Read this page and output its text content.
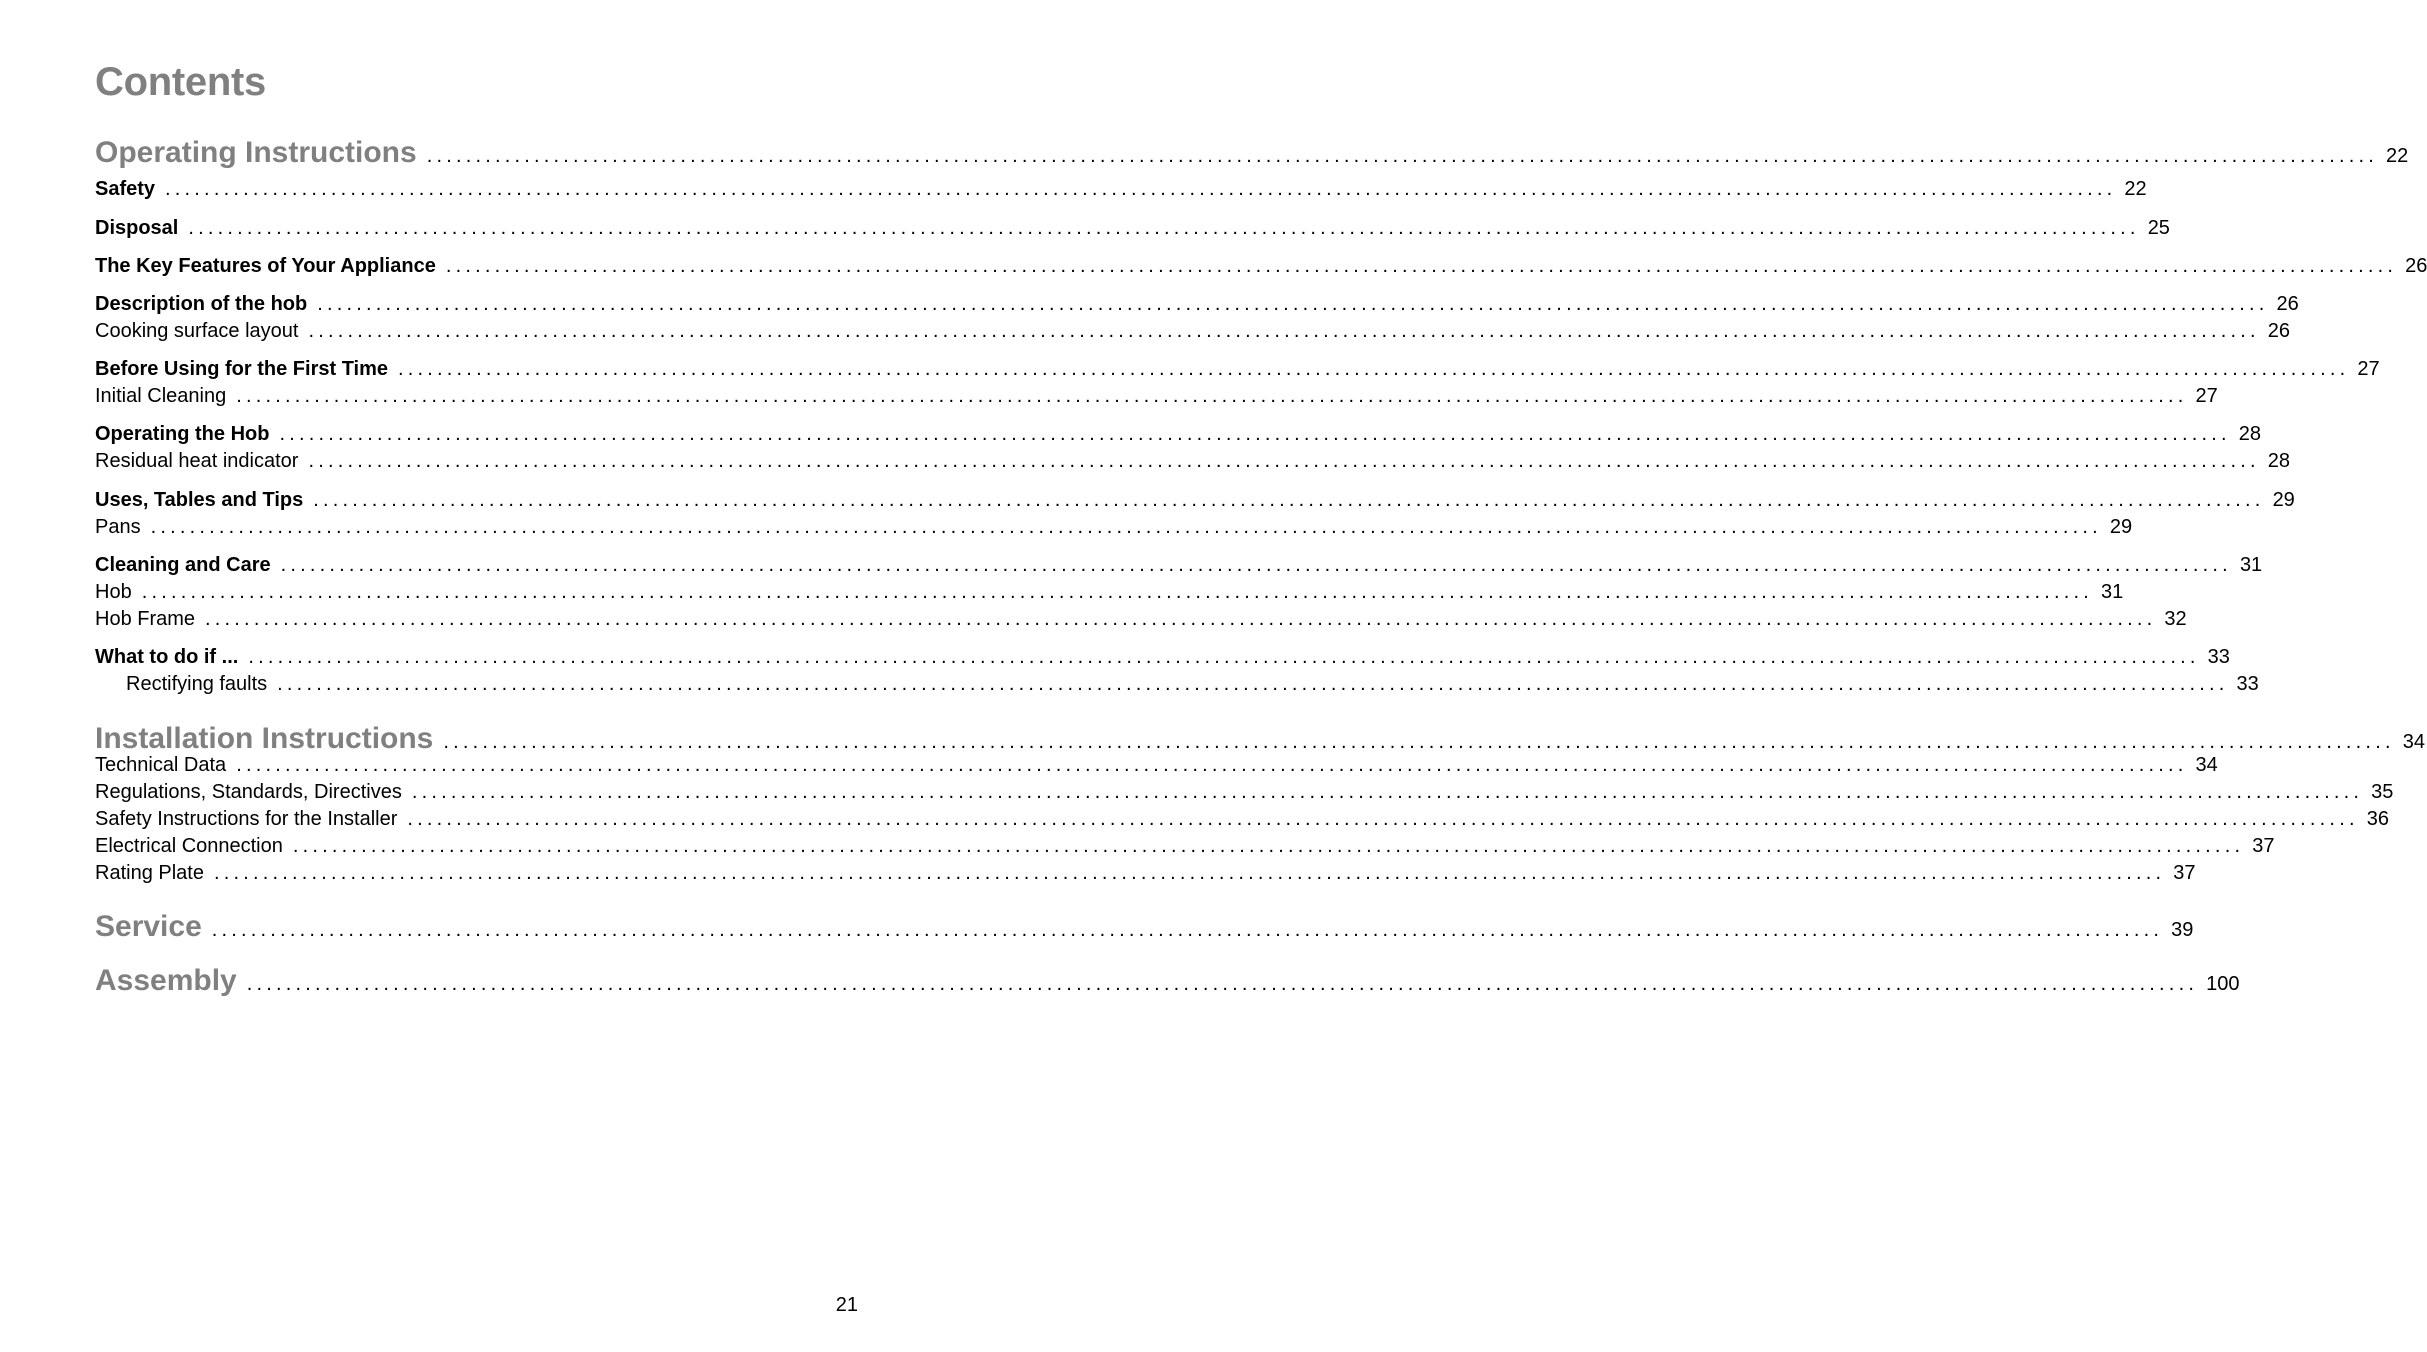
Contents
Operating Instructions ........................................................................................................................................................................................................ 22
Safety ........................................................................................................................................................................................................ 22
Disposal ........................................................................................................................................................................................................ 25
The Key Features of Your Appliance ........................................................................................................................................................................................................ 26
Description of the hob ........................................................................................................................................................................................................ 26
Cooking surface layout ........................................................................................................................................................................................................ 26
Before Using for the First Time ........................................................................................................................................................................................................ 27
Initial Cleaning ........................................................................................................................................................................................................ 27
Operating the Hob ........................................................................................................................................................................................................ 28
Residual heat indicator ........................................................................................................................................................................................................ 28
Uses, Tables and Tips ........................................................................................................................................................................................................ 29
Pans ........................................................................................................................................................................................................ 29
Cleaning and Care ........................................................................................................................................................................................................ 31
Hob ........................................................................................................................................................................................................ 31
Hob Frame ........................................................................................................................................................................................................ 32
What to do if ... ........................................................................................................................................................................................................ 33
Rectifying faults ........................................................................................................................................................................................................ 33
Installation Instructions ........................................................................................................................................................................................................ 34
Technical Data ........................................................................................................................................................................................................ 34
Regulations, Standards, Directives ........................................................................................................................................................................................................ 35
Safety Instructions for the Installer ........................................................................................................................................................................................................ 36
Electrical Connection ........................................................................................................................................................................................................ 37
Rating Plate ........................................................................................................................................................................................................ 37
Service ........................................................................................................................................................................................................ 39
Assembly ........................................................................................................................................................................................................ 100
21
